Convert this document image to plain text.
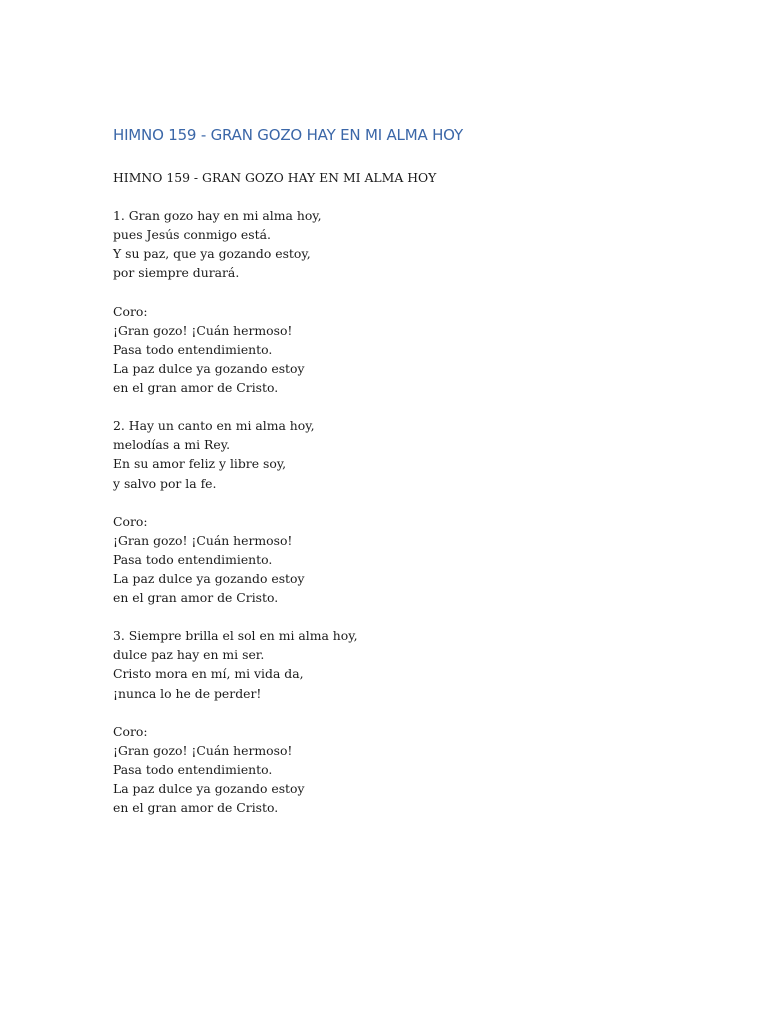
HIMNO 159 - GRAN GOZO HAY EN MI ALMA HOY
HIMNO 159 - GRAN GOZO HAY EN MI ALMA HOY
1. Gran gozo hay en mi alma hoy,
pues Jesús conmigo está.
Y su paz, que ya gozando estoy,
por siempre durará.
Coro:
¡Gran gozo! ¡Cuán hermoso!
Pasa todo entendimiento.
La paz dulce ya gozando estoy
en el gran amor de Cristo.
2. Hay un canto en mi alma hoy,
melodías a mi Rey.
En su amor feliz y libre soy,
y salvo por la fe.
Coro:
¡Gran gozo! ¡Cuán hermoso!
Pasa todo entendimiento.
La paz dulce ya gozando estoy
en el gran amor de Cristo.
3. Siempre brilla el sol en mi alma hoy,
dulce paz hay en mi ser.
Cristo mora en mí, mi vida da,
¡nunca lo he de perder!
Coro:
¡Gran gozo! ¡Cuán hermoso!
Pasa todo entendimiento.
La paz dulce ya gozando estoy
en el gran amor de Cristo.
